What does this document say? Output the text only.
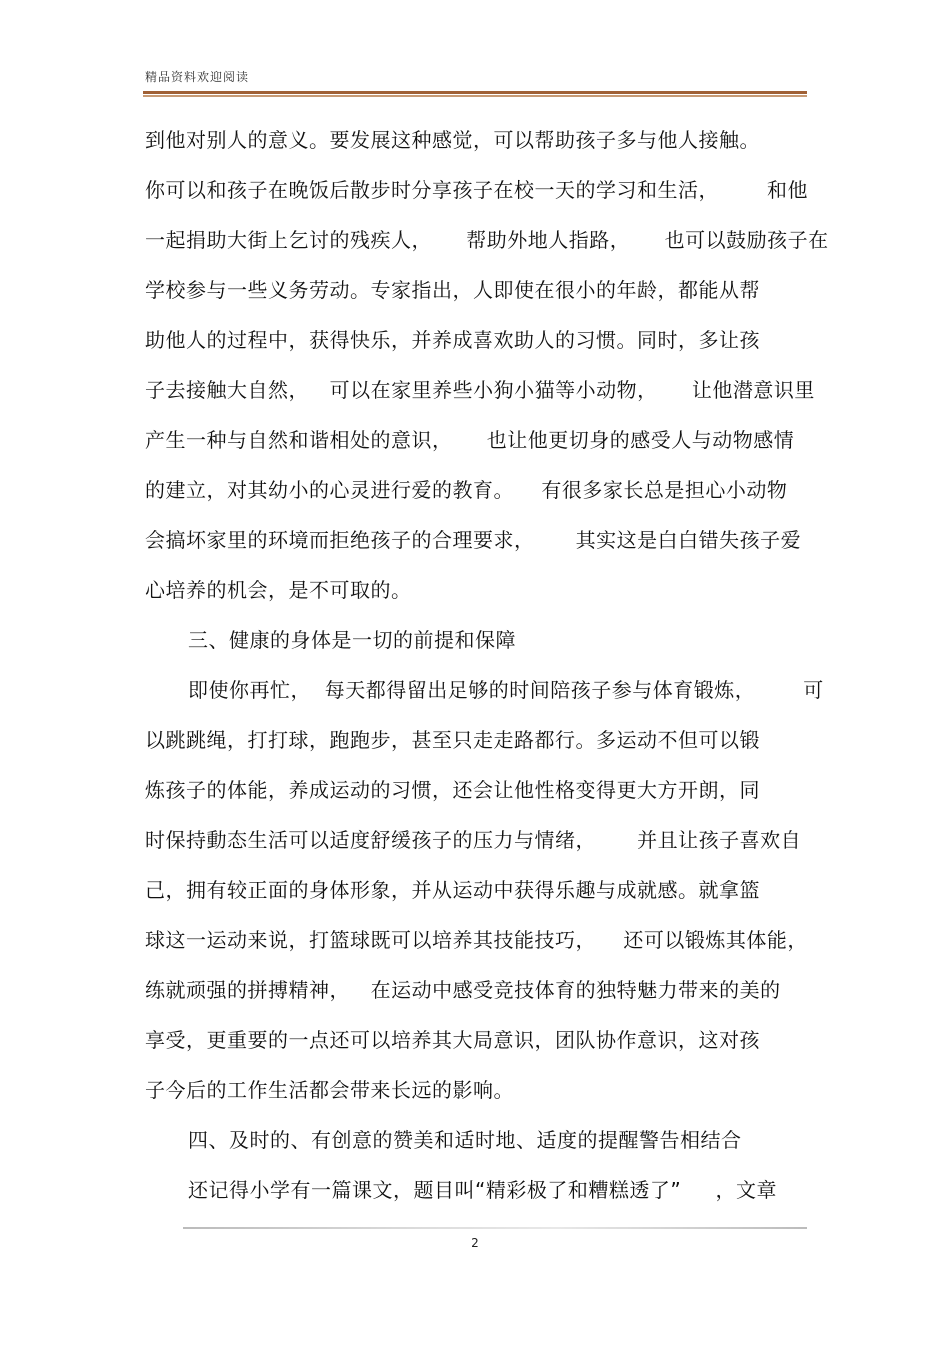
精品资料欢迎阅读
到他对别人的意义。要发展这种感觉，可以帮助孩子多与他人接触。
你可以和孩子在晚饭后散步时分享孩子在校一天的学习和生活，       和他
一起捐助大街上乞讨的残疾人，     帮助外地人指路，     也可以鼓励孩子在
学校参与一些义务劳动。专家指出，人即使在很小的年龄，都能从帮
助他人的过程中，获得快乐，并养成喜欢助人的习惯。同时，多让孩
子去接触大自然，   可以在家里养些小狗小猫等小动物，     让他潜意识里
产生一种与自然和谐相处的意识，     也让他更切身的感受人与动物感情
的建立，对其幼小的心灵进行爱的教育。    有很多家长总是担心小动物
会搞坏家里的环境而拒绝孩子的合理要求，      其实这是白白错失孩子爱
心培养的机会，是不可取的。
三、健康的身体是一切的前提和保障
即使你再忙，  每天都得留出足够的时间陪孩子参与体育锻炼，       可
以跳跳绳，打打球，跑跑步，甚至只走走路都行。多运动不但可以锻
炼孩子的体能，养成运动的习惯，还会让他性格变得更大方开朗，同
时保持動态生活可以适度舒缓孩子的压力与情绪，      并且让孩子喜欢自
己，拥有较正面的身体形象，并从运动中获得乐趣与成就感。就拿篮
球这一运动来说，打篮球既可以培养其技能技巧，    还可以锻炼其体能，
练就顽强的拼搏精神，   在运动中感受竞技体育的独特魅力带来的美的
享受，更重要的一点还可以培养其大局意识，团队协作意识，这对孩
子今后的工作生活都会带来长远的影响。
四、及时的、有创意的赞美和适时地、适度的提醒警告相结合
还记得小学有一篇课文，题目叫“精彩极了和糟糕透了”     ，文章
2
